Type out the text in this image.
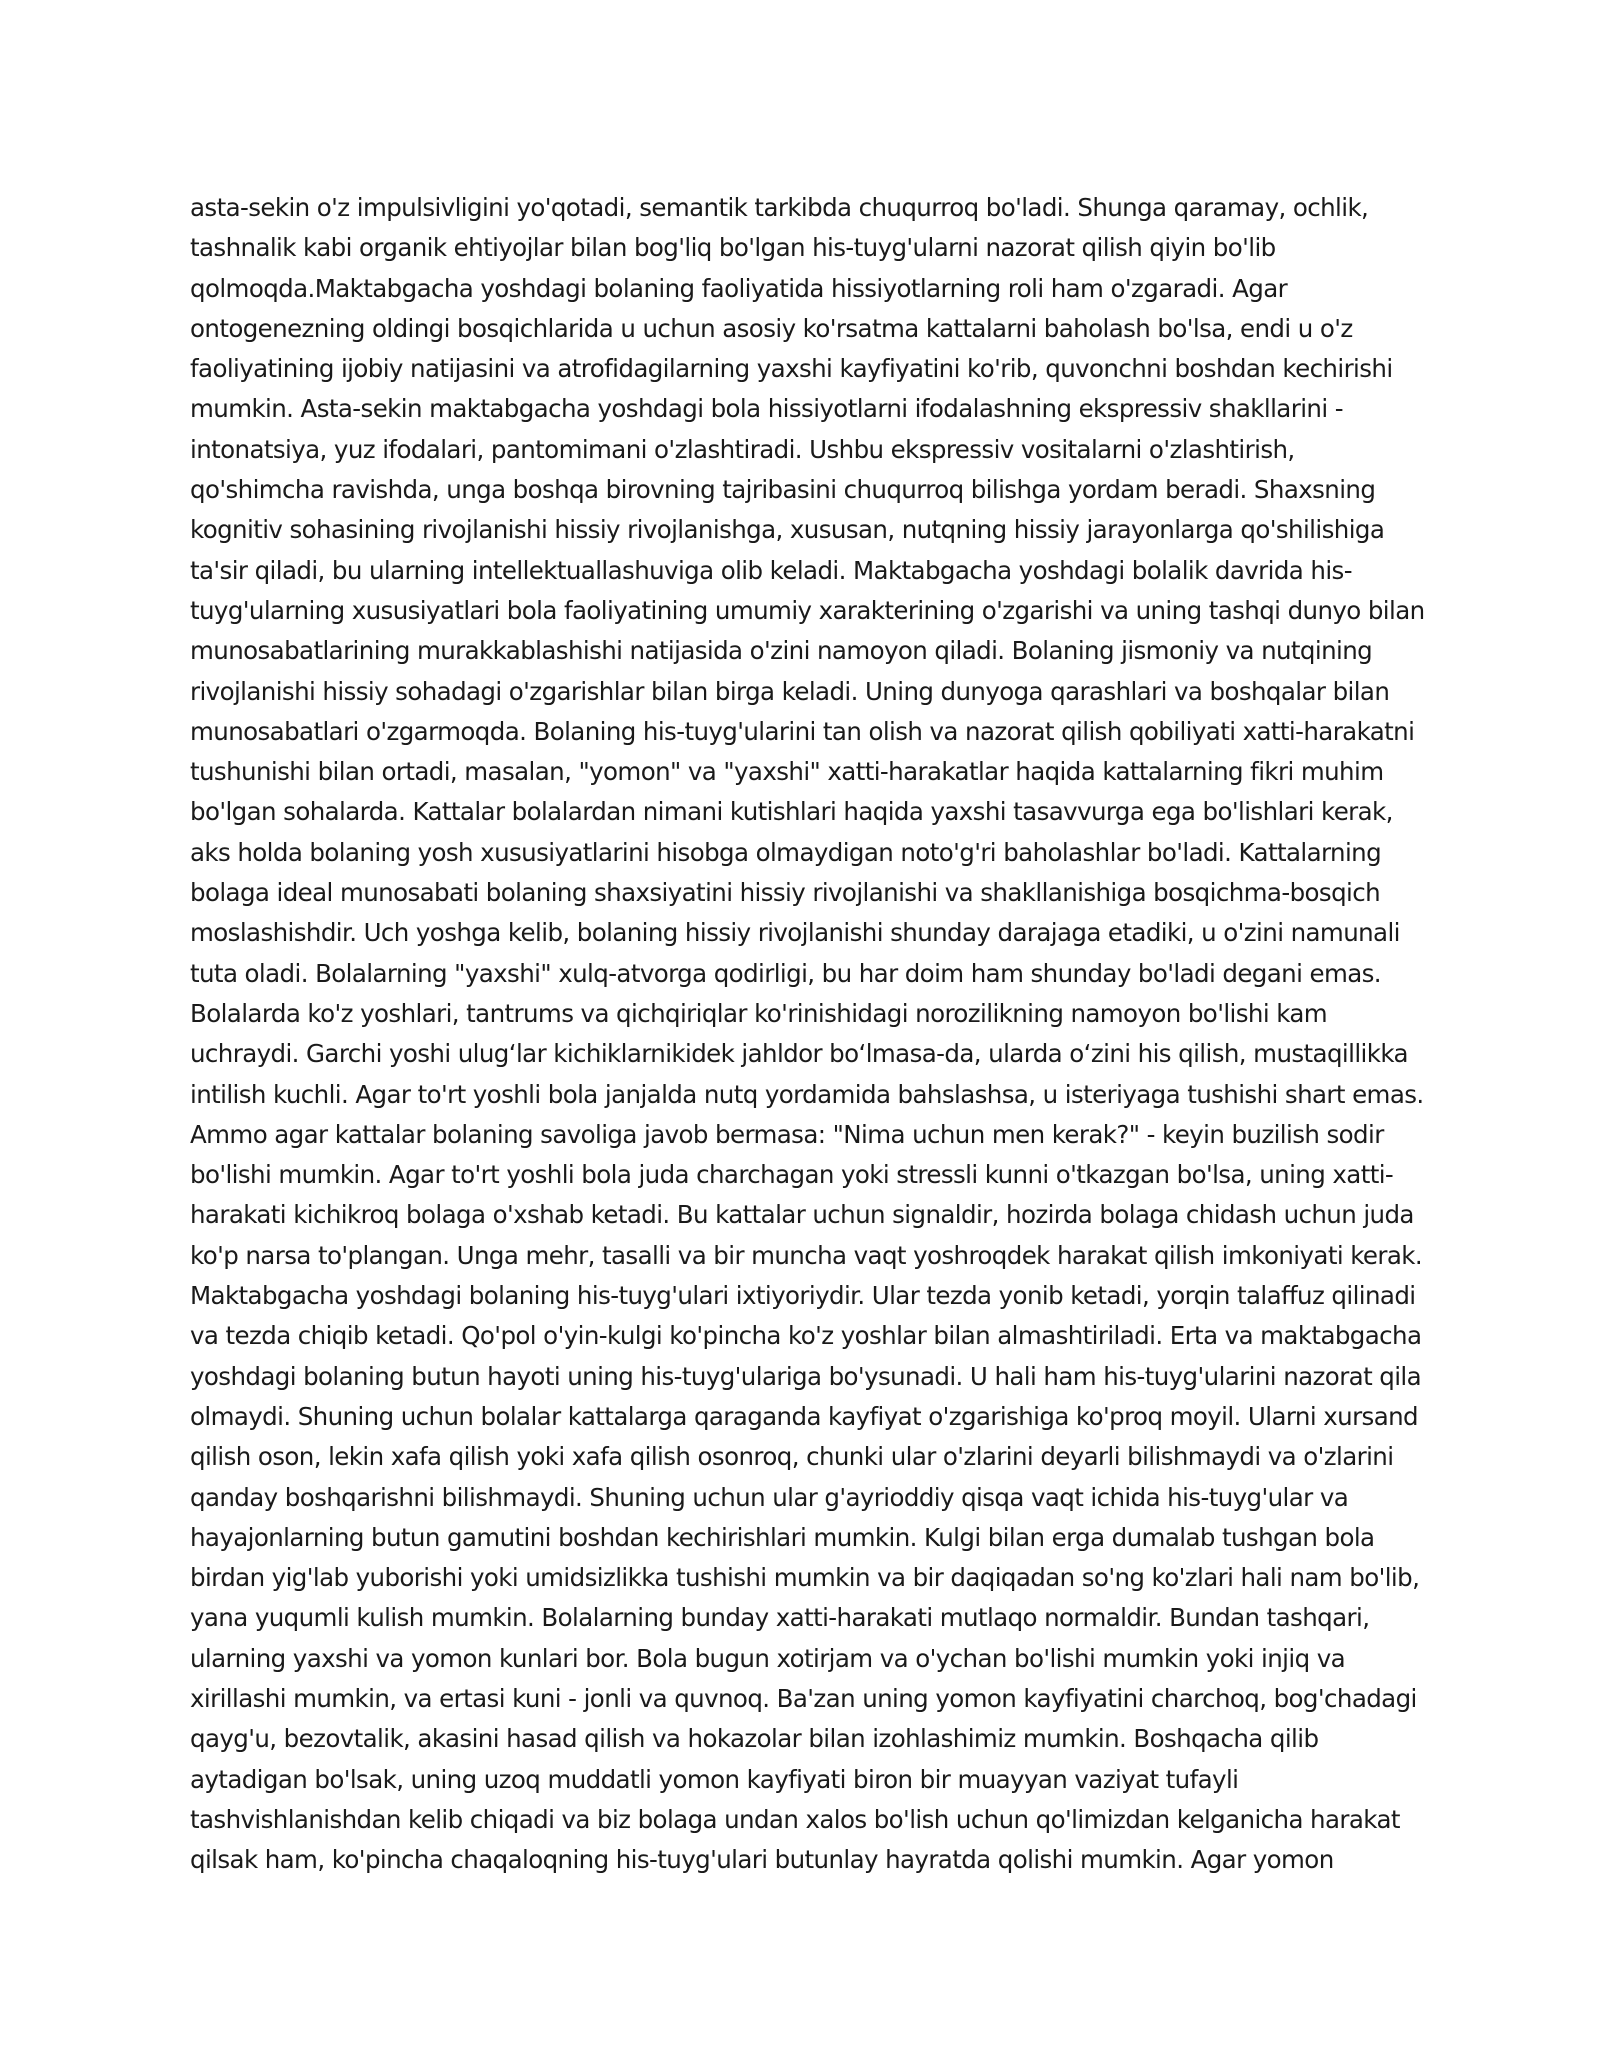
asta-sekin o'z impulsivligini yo'qotadi, semantik tarkibda chuqurroq bo'ladi. Shunga qaramay, ochlik,
tashnalik kabi organik ehtiyojlar bilan bog'liq bo'lgan his-tuyg'ularni nazorat qilish qiyin bo'lib
qolmoqda.Maktabgacha yoshdagi bolaning faoliyatida hissiyotlarning roli ham o'zgaradi. Agar
ontogenezning oldingi bosqichlarida u uchun asosiy ko'rsatma kattalarni baholash bo'lsa, endi u o'z
faoliyatining ijobiy natijasini va atrofidagilarning yaxshi kayfiyatini ko'rib, quvonchni boshdan kechirishi
mumkin. Asta-sekin maktabgacha yoshdagi bola hissiyotlarni ifodalashning ekspressiv shakllarini -
intonatsiya, yuz ifodalari, pantomimani o'zlashtiradi. Ushbu ekspressiv vositalarni o'zlashtirish,
qo'shimcha ravishda, unga boshqa birovning tajribasini chuqurroq bilishga yordam beradi. Shaxsning
kognitiv sohasining rivojlanishi hissiy rivojlanishga, xususan, nutqning hissiy jarayonlarga qo'shilishiga
ta'sir qiladi, bu ularning intellektuallashuviga olib keladi. Maktabgacha yoshdagi bolalik davrida his-
tuyg'ularning xususiyatlari bola faoliyatining umumiy xarakterining o'zgarishi va uning tashqi dunyo bilan
munosabatlarining murakkablashishi natijasida o'zini namoyon qiladi. Bolaning jismoniy va nutqining
rivojlanishi hissiy sohadagi o'zgarishlar bilan birga keladi. Uning dunyoga qarashlari va boshqalar bilan
munosabatlari o'zgarmoqda. Bolaning his-tuyg'ularini tan olish va nazorat qilish qobiliyati xatti-harakatni
tushunishi bilan ortadi, masalan, "yomon" va "yaxshi" xatti-harakatlar haqida kattalarning fikri muhim
bo'lgan sohalarda. Kattalar bolalardan nimani kutishlari haqida yaxshi tasavvurga ega bo'lishlari kerak,
aks holda bolaning yosh xususiyatlarini hisobga olmaydigan noto'g'ri baholashlar bo'ladi. Kattalarning
bolaga ideal munosabati bolaning shaxsiyatini hissiy rivojlanishi va shakllanishiga bosqichma-bosqich
moslashishdir. Uch yoshga kelib, bolaning hissiy rivojlanishi shunday darajaga etadiki, u o'zini namunali
tuta oladi. Bolalarning "yaxshi" xulq-atvorga qodirligi, bu har doim ham shunday bo'ladi degani emas.
Bolalarda ko'z yoshlari, tantrums va qichqiriqlar ko'rinishidagi norozilikning namoyon bo'lishi kam
uchraydi. Garchi yoshi ulug‘lar kichiklarnikidek jahldor bo‘lmasa-da, ularda o‘zini his qilish, mustaqillikka
intilish kuchli. Agar to'rt yoshli bola janjalda nutq yordamida bahslashsa, u isteriyaga tushishi shart emas.
Ammo agar kattalar bolaning savoliga javob bermasa: "Nima uchun men kerak?" - keyin buzilish sodir
bo'lishi mumkin. Agar to'rt yoshli bola juda charchagan yoki stressli kunni o'tkazgan bo'lsa, uning xatti-
harakati kichikroq bolaga o'xshab ketadi. Bu kattalar uchun signaldir, hozirda bolaga chidash uchun juda
ko'p narsa to'plangan. Unga mehr, tasalli va bir muncha vaqt yoshroqdek harakat qilish imkoniyati kerak.
Maktabgacha yoshdagi bolaning his-tuyg'ulari ixtiyoriydir. Ular tezda yonib ketadi, yorqin talaffuz qilinadi
va tezda chiqib ketadi. Qo'pol o'yin-kulgi ko'pincha ko'z yoshlar bilan almashtiriladi. Erta va maktabgacha
yoshdagi bolaning butun hayoti uning his-tuyg'ulariga bo'ysunadi. U hali ham his-tuyg'ularini nazorat qila
olmaydi. Shuning uchun bolalar kattalarga qaraganda kayfiyat o'zgarishiga ko'proq moyil. Ularni xursand
qilish oson, lekin xafa qilish yoki xafa qilish osonroq, chunki ular o'zlarini deyarli bilishmaydi va o'zlarini
qanday boshqarishni bilishmaydi. Shuning uchun ular g'ayrioddiy qisqa vaqt ichida his-tuyg'ular va
hayajonlarning butun gamutini boshdan kechirishlari mumkin. Kulgi bilan erga dumalab tushgan bola
birdan yig'lab yuborishi yoki umidsizlikka tushishi mumkin va bir daqiqadan so'ng ko'zlari hali nam bo'lib,
yana yuqumli kulish mumkin. Bolalarning bunday xatti-harakati mutlaqo normaldir. Bundan tashqari,
ularning yaxshi va yomon kunlari bor. Bola bugun xotirjam va o'ychan bo'lishi mumkin yoki injiq va
xirillashi mumkin, va ertasi kuni - jonli va quvnoq. Ba'zan uning yomon kayfiyatini charchoq, bog'chadagi
qayg'u, bezovtalik, akasini hasad qilish va hokazolar bilan izohlashimiz mumkin. Boshqacha qilib
aytadigan bo'lsak, uning uzoq muddatli yomon kayfiyati biron bir muayyan vaziyat tufayli
tashvishlanishdan kelib chiqadi va biz bolaga undan xalos bo'lish uchun qo'limizdan kelganicha harakat
qilsak ham, ko'pincha chaqaloqning his-tuyg'ulari butunlay hayratda qolishi mumkin. Agar yomon
